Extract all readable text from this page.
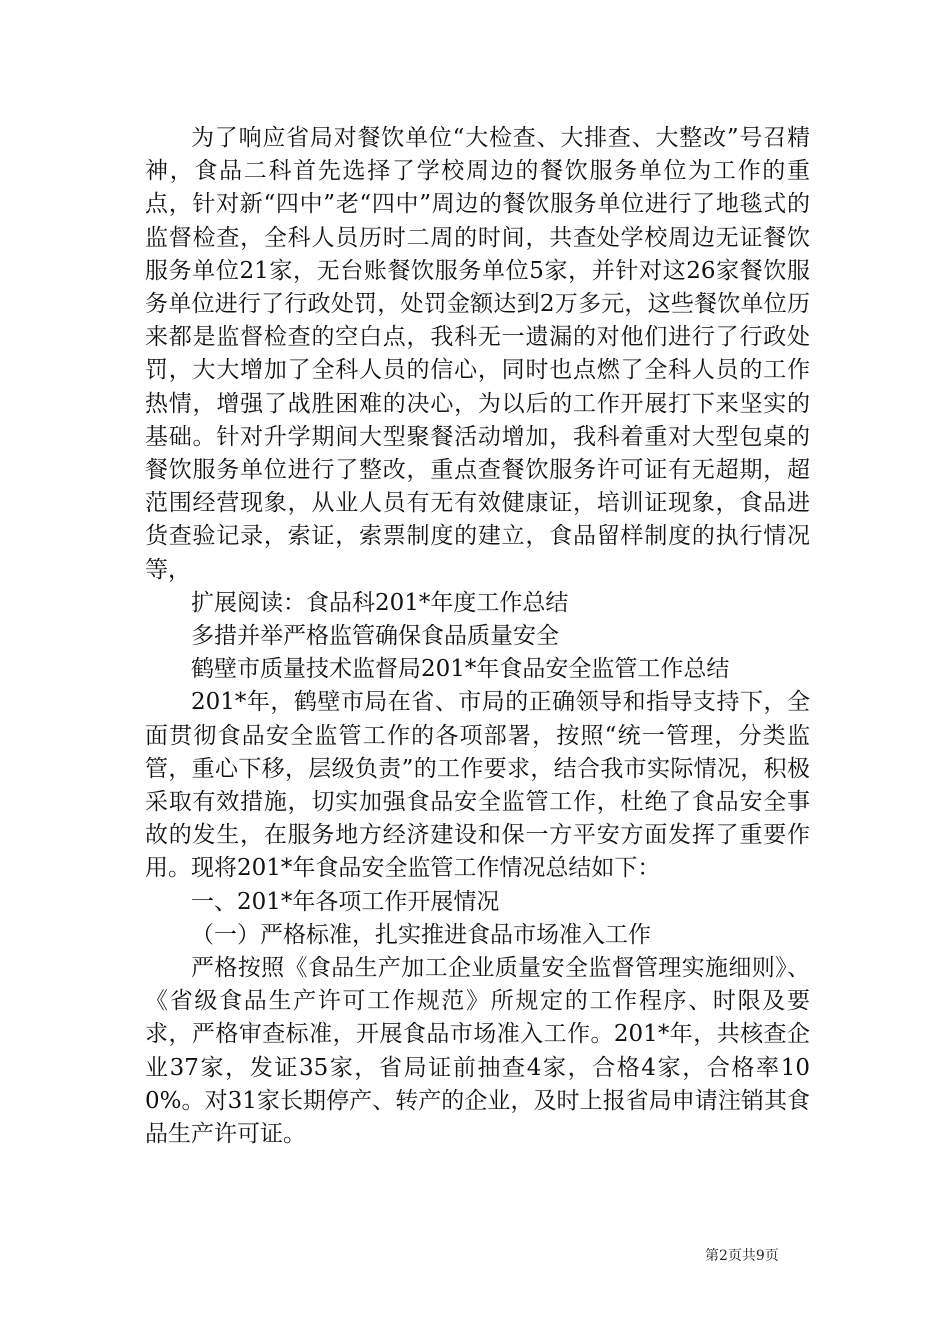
为了响应省局对餐饮单位“大检查、大排查、大整改”号召精神，食品二科首先选择了学校周边的餐饮服务单位为工作的重点，针对新“四中”老“四中”周边的餐饮服务单位进行了地毯式的监督检查，全科人员历时二周的时间，共查处学校周边无证餐饮服务单位21家，无台账餐饮服务单位5家，并针对这26家餐饮服务单位进行了行政处罚，处罚金额达到2万多元，这些餐饮单位历来都是监督检查的空白点，我科无一遗漏的对他们进行了行政处罚，大大增加了全科人员的信心，同时也点燃了全科人员的工作热情，增强了战胜困难的决心，为以后的工作开展打下来坚实的基础。针对升学期间大型聚餐活动增加，我科着重对大型包桌的餐饮服务单位进行了整改，重点查餐饮服务许可证有无超期，超范围经营现象，从业人员有无有效健康证，培训证现象，食品进货查验记录，索证，索票制度的建立，食品留样制度的执行情况等，

扩展阅读：食品科201*年度工作总结

多措并举严格监管确保食品质量安全

鹤壁市质量技术监督局201*年食品安全监管工作总结

201*年，鹤壁市局在省、市局的正确领导和指导支持下，全面贯彻食品安全监管工作的各项部署，按照“统一管理，分类监管，重心下移，层级负责”的工作要求，结合我市实际情况，积极采取有效措施，切实加强食品安全监管工作，杜绝了食品安全事故的发生，在服务地方经济建设和保一方平安方面发挥了重要作用。现将201*年食品安全监管工作情况总结如下：

一、201*年各项工作开展情况

（一）严格标准，扎实推进食品市场准入工作

严格按照《食品生产加工企业质量安全监督管理实施细则》、《省级食品生产许可工作规范》所规定的工作程序、时限及要求，严格审查标准，开展食品市场准入工作。201*年，共核查企业37家，发证35家，省局证前抽查4家，合格4家，合格率100%。对31家长期停产、转产的企业，及时上报省局申请注销其食品生产许可证。

第2页共9页
